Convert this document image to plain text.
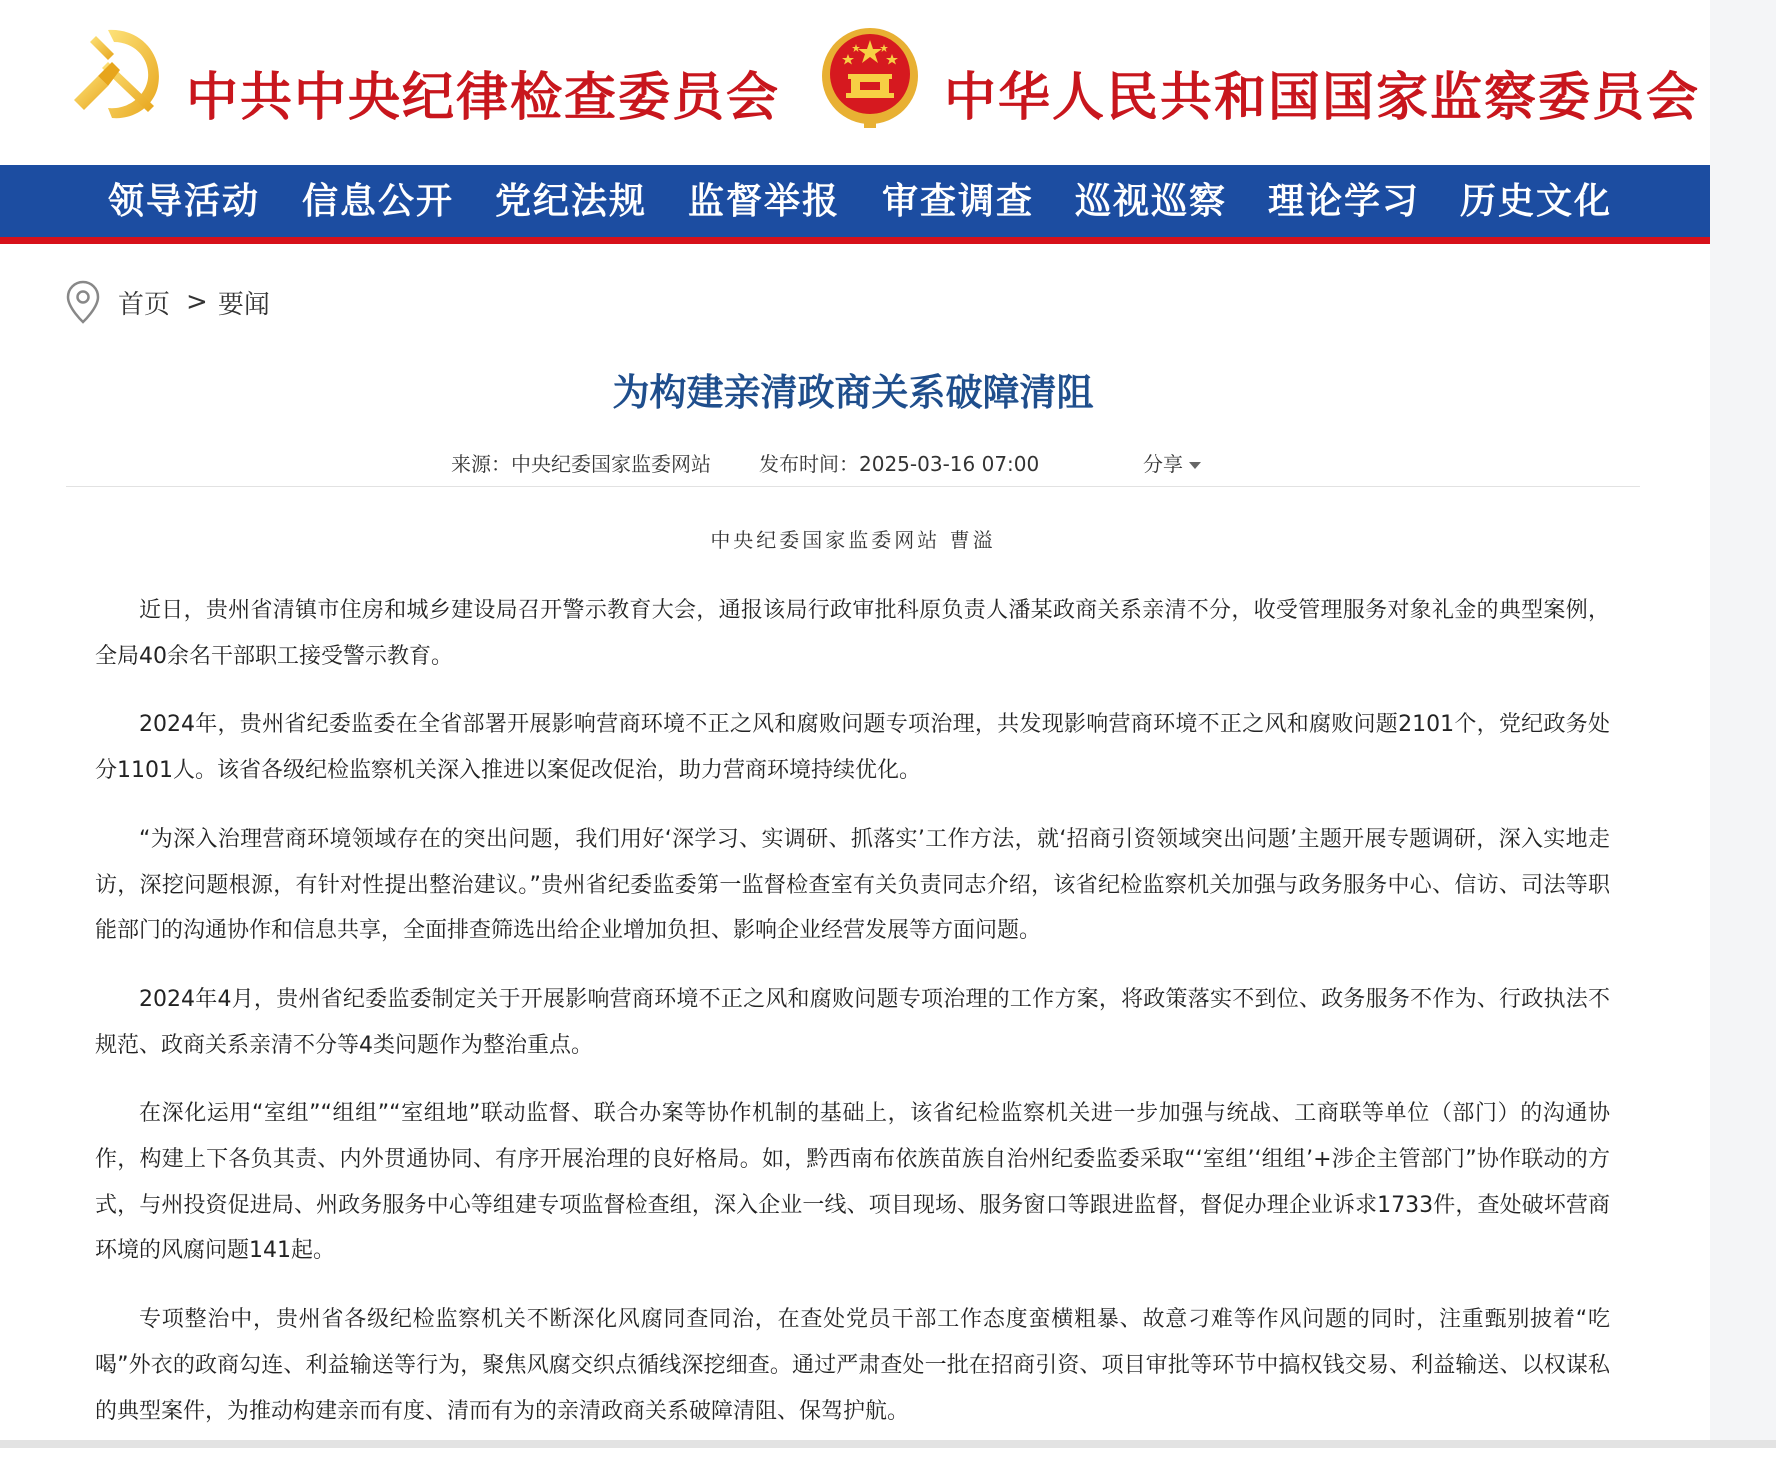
中共中央纪律检查委员会	中华人民共和国国家监察委员会
领导活动 信息公开 党纪法规 监督举报 审查调查 巡视巡察 理论学习 历史文化
首页 > 要闻
为构建亲清政商关系破障清阻
来源：中央纪委国家监委网站 发布时间：2025-03-16 07:00	分享
中央纪委国家监委网站 曹溢

近日，贵州省清镇市住房和城乡建设局召开警示教育大会，通报该局行政审批科原负责人潘某政商关系亲清不分，收受管理服务对象礼金的典型案例，全局40余名干部职工接受警示教育。

2024年，贵州省纪委监委在全省部署开展影响营商环境不正之风和腐败问题专项治理，共发现影响营商环境不正之风和腐败问题2101个，党纪政务处分1101人。该省各级纪检监察机关深入推进以案促改促治，助力营商环境持续优化。

“为深入治理营商环境领域存在的突出问题，我们用好‘深学习、实调研、抓落实’工作方法，就‘招商引资领域突出问题’主题开展专题调研，深入实地走访，深挖问题根源，有针对性提出整治建议。”贵州省纪委监委第一监督检查室有关负责同志介绍，该省纪检监察机关加强与政务服务中心、信访、司法等职能部门的沟通协作和信息共享，全面排查筛选出给企业增加负担、影响企业经营发展等方面问题。

2024年4月，贵州省纪委监委制定关于开展影响营商环境不正之风和腐败问题专项治理的工作方案，将政策落实不到位、政务服务不作为、行政执法不规范、政商关系亲清不分等4类问题作为整治重点。

在深化运用“室组”“组组”“室组地”联动监督、联合办案等协作机制的基础上，该省纪检监察机关进一步加强与统战、工商联等单位（部门）的沟通协作，构建上下各负其责、内外贯通协同、有序开展治理的良好格局。如，黔西南布依族苗族自治州纪委监委采取“‘室组’‘组组’+涉企主管部门”协作联动的方式，与州投资促进局、州政务服务中心等组建专项监督检查组，深入企业一线、项目现场、服务窗口等跟进监督，督促办理企业诉求1733件，查处破坏营商环境的风腐问题141起。

专项整治中，贵州省各级纪检监察机关不断深化风腐同查同治，在查处党员干部工作态度蛮横粗暴、故意刁难等作风问题的同时，注重甄别披着“吃喝”外衣的政商勾连、利益输送等行为，聚焦风腐交织点循线深挖细查。通过严肃查处一批在招商引资、项目审批等环节中搞权钱交易、利益输送、以权谋私的典型案件，为推动构建亲而有度、清而有为的亲清政商关系破障清阻、保驾护航。
